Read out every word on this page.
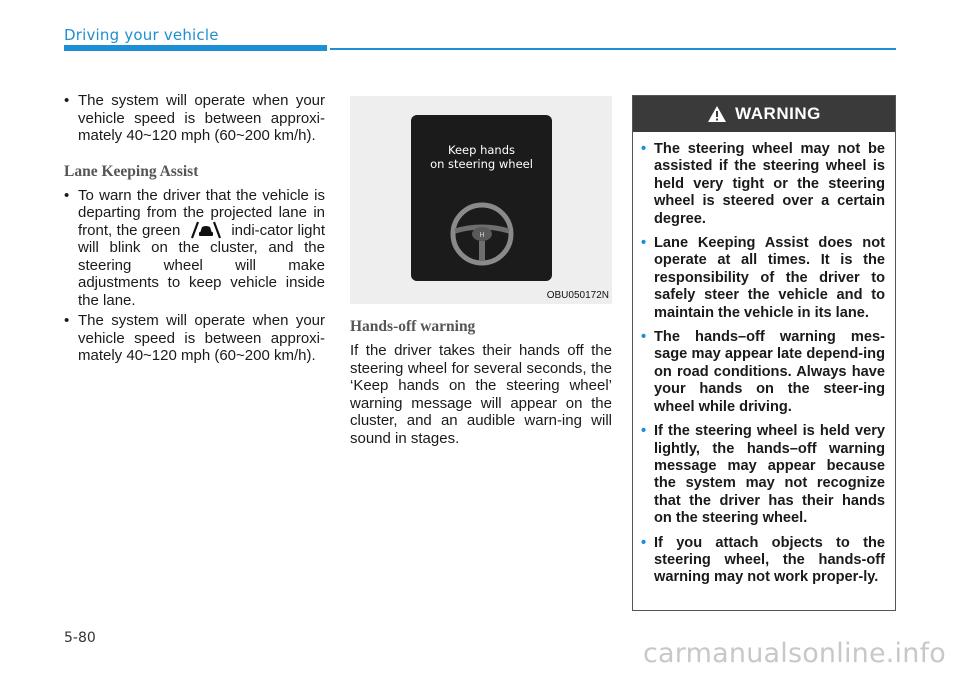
Driving your vehicle
• The system will operate when your vehicle speed is between approxi-mately 40~120 mph (60~200 km/h).
Lane Keeping Assist
• To warn the driver that the vehicle is departing from the projected lane in front, the green	indi-cator light will blink on the cluster, and the steering wheel will make adjustments to keep vehicle inside the lane.
• The system will operate when your vehicle speed is between approxi-mately 40~120 mph (60~200 km/h).
Keep hands
on steering wheel
H
OBU050172N
Hands-off warning
If the driver takes their hands off the steering wheel for several seconds, the ‘Keep hands on the steering wheel’ warning message will appear on the cluster, and an audible warn-ing will sound in stages.
WARNING
• The steering wheel may not be assisted if the steering wheel is held very tight or the steering wheel is steered over a certain degree.
• Lane Keeping Assist does not operate at all times. It is the responsibility of the driver to safely steer the vehicle and to maintain the vehicle in its lane.
• The hands–off warning mes-sage may appear late depend-ing on road conditions. Always have your hands on the steer-ing wheel while driving.
• If the steering wheel is held very lightly, the hands–off warning message may appear because the system may not recognize that the driver has their hands on the steering wheel.
• If you attach objects to the steering wheel, the hands-off warning may not work proper-ly.
5-80	carmanualsonline.info
